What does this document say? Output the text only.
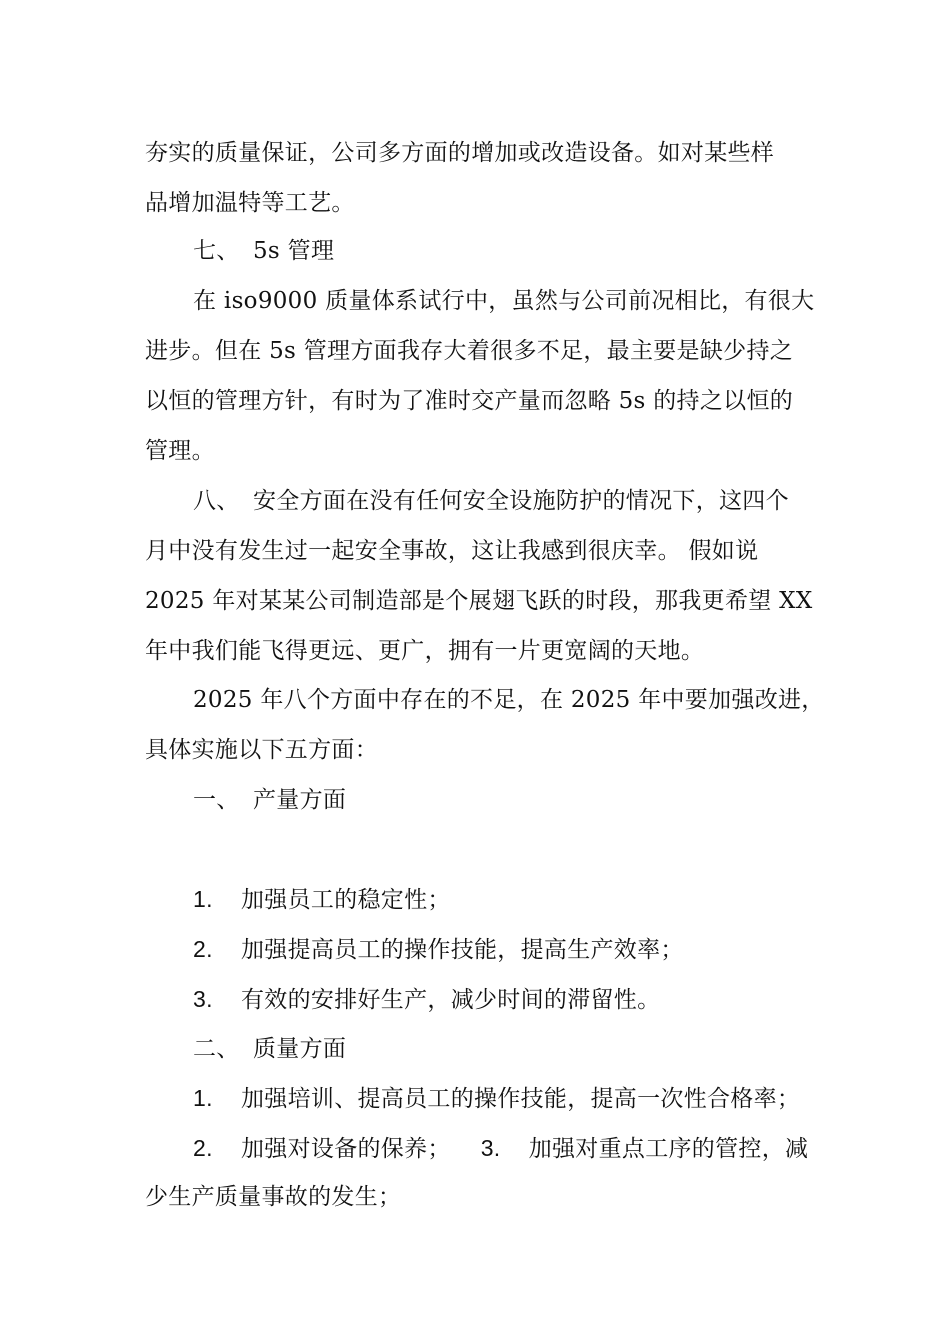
夯实的质量保证，公司多方面的增加或改造设备。如对某些样
品增加温特等工艺。
七、 5s 管理
在 iso9000 质量体系试行中，虽然与公司前况相比，有很大
进步。但在 5s 管理方面我存大着很多不足，最主要是缺少持之
以恒的管理方针，有时为了准时交产量而忽略 5s 的持之以恒的
管理。
八、 安全方面在没有任何安全设施防护的情况下，这四个
月中没有发生过一起安全事故，这让我感到很庆幸。 假如说
2025 年对某某公司制造部是个展翅飞跃的时段，那我更希望 XX
年中我们能飞得更远、更广，拥有一片更宽阔的天地。
2025 年八个方面中存在的不足，在 2025 年中要加强改进，
具体实施以下五方面：
一、 产量方面
1. 加强员工的稳定性；
2. 加强提高员工的操作技能，提高生产效率；
3. 有效的安排好生产，减少时间的滞留性。
二、 质量方面
1. 加强培训、提高员工的操作技能，提高一次性合格率；
2. 加强对设备的保养； 3. 加强对重点工序的管控，减
少生产质量事故的发生；
